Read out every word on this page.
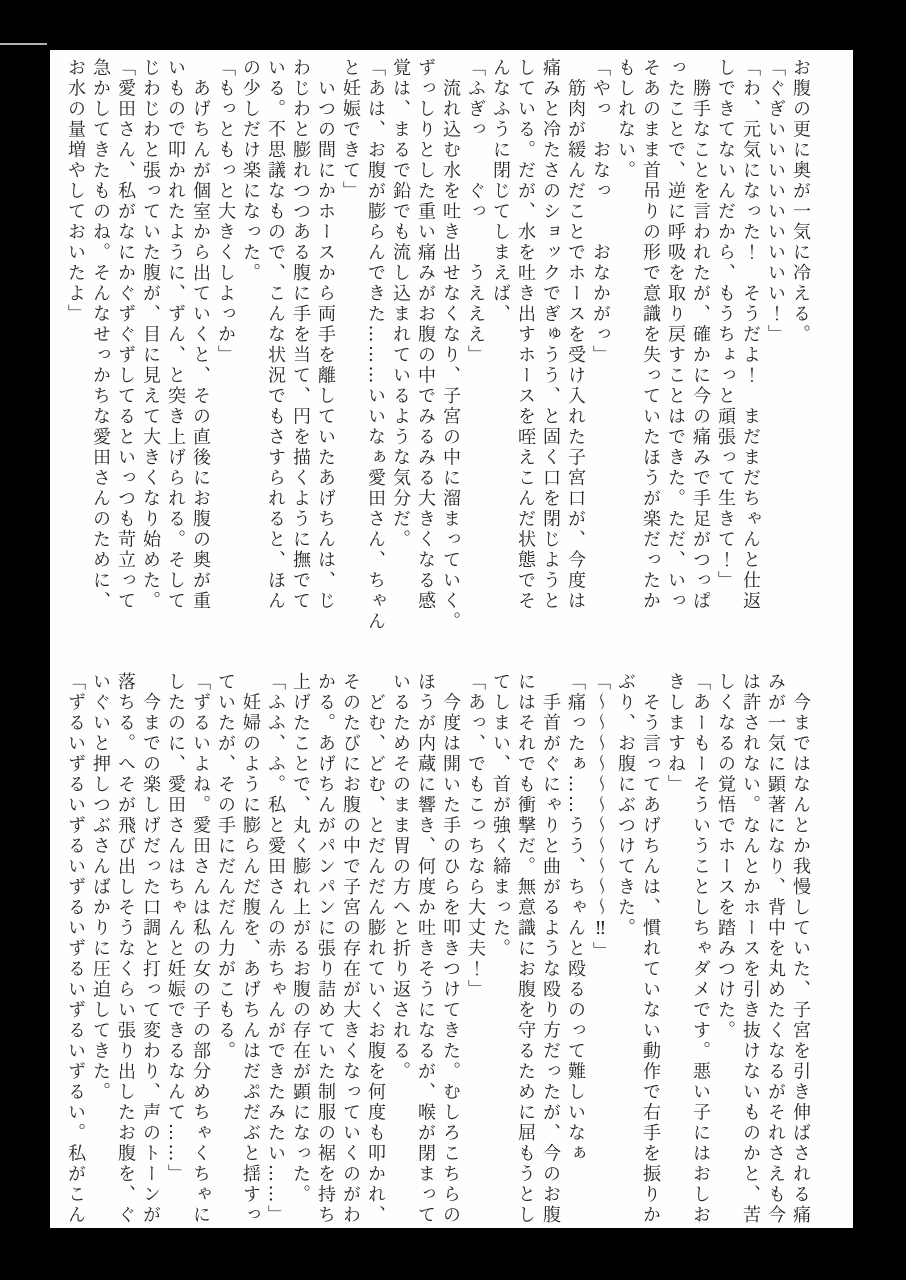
お腹の更に奥が一気に冷える。
「ぐぎいいいいいいいいい！」
「わ、元気になった！　そうだよ！　まだまだちゃんと仕返
しできてないんだから、もうちょっと頑張って生きて！」
　勝手なことを言われたが、確かに今の痛みで手足がつっぱ
ったことで、逆に呼吸を取り戻すことはできた。ただ、いっ
そあのまま首吊りの形で意識を失っていたほうが楽だったか
もしれない。
「やっ　おなっ　　おなかがっ」
　筋肉が緩んだことでホースを受け入れた子宮口が、今度は
痛みと冷たさのショックでぎゅうう、と固く口を閉じようと
している。だが、水を吐き出すホースを咥えこんだ状態でそ
んなふうに閉じてしまえば、
「ふぎっ　　ぐっ　　うえええ」
　流れ込む水を吐き出せなくなり、子宮の中に溜まっていく。
ずっしりとした重い痛みがお腹の中でみるみる大きくなる感
覚は、まるで鉛でも流し込まれているような気分だ。
「あは、お腹が膨らんできた………いいなぁ愛田さん、ちゃん
と妊娠できて」
　いつの間にかホースから両手を離していたあげちんは、じ
わじわと膨れつつある腹に手を当て、円を描くように撫でて
いる。不思議なもので、こんな状況でもさすられると、ほん
の少しだけ楽になった。
「もっともっと大きくしよっか」
　あげちんが個室から出ていくと、その直後にお腹の奥が重
いもので叩かれたように、ずん、と突き上げられる。そして
じわじわと張っていた腹が、目に見えて大きくなり始めた。
「愛田さん、私がなにかぐずぐずしてるといっつも苛立って
急かしてきたものね。そんなせっかちな愛田さんのために、
お水の量増やしておいたよ」
　今まではなんとか我慢していた、子宮を引き伸ばされる痛
みが一気に顕著になり、背中を丸めたくなるがそれさえも今
は許されない。なんとかホースを引き抜けないものかと、苦
しくなるの覚悟でホースを踏みつけた。
「あーもーそういうことしちゃダメです。悪い子にはおしお
きしますね」
　そう言ってあげちんは、慣れていない動作で右手を振りか
ぶり、お腹にぶつけてきた。
「～～～～～～～～～～～‼」
「痛ったぁ……うう、ちゃんと殴るのって難しいなぁ
　手首がぐにゃりと曲がるような殴り方だったが、今のお腹
にはそれでも衝撃だ。無意識にお腹を守るために屈もうとし
てしまい、首が強く締まった。
「あっ、でもこっちなら大丈夫！」
　今度は開いた手のひらを叩きつけてきた。むしろこちらの
ほうが内蔵に響き、何度か吐きそうになるが、喉が閉まって
いるためそのまま胃の方へと折り返される。
　どむ、どむ、とだんだん膨れていくお腹を何度も叩かれ、
そのたびにお腹の中で子宮の存在が大きくなっていくのがわ
かる。あげちんがパンパンに張り詰めていた制服の裾を持ち
上げたことで、丸く膨れ上がるお腹の存在が顕になった。
「ふふ、ふ。私と愛田さんの赤ちゃんができたみたい……」
　妊婦のように膨らんだ腹を、あげちんはだぷだぶと揺すっ
ていたが、その手にだんだん力がこもる。
「ずるいよね。愛田さんは私の女の子の部分めちゃくちゃに
したのに、愛田さんはちゃんと妊娠できるなんて……」
　今までの楽しげだった口調と打って変わり、声のトーンが
落ちる。へそが飛び出しそうなくらい張り出したお腹を、ぐ
いぐいと押しつぶさんばかりに圧迫してきた。
「ずるいずるいずるいずるいずるいずるいずるい。私がこん
